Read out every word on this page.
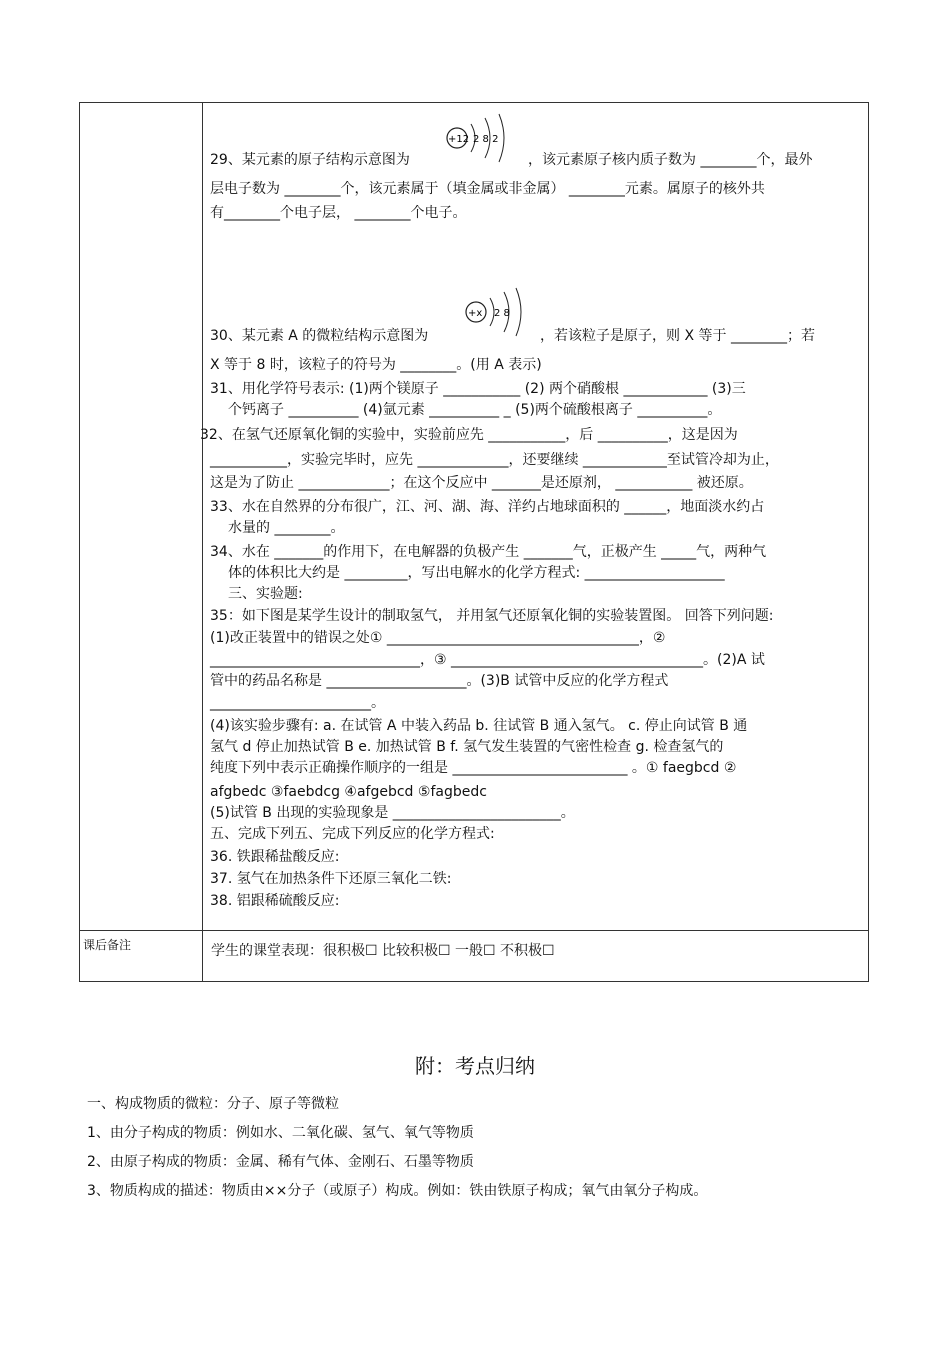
29、某元素的原子结构示意图为	，该元素原子核内质子数为 ________个，最外
层电子数为 ________个，该元素属于（填金属或非金属） ________元素。属原子的核外共
有________个电子层， ________个电子。
30、某元素 A 的微粒结构示意图为	，若该粒子是原子，则 X 等于 ________；若
X 等于 8 时，该粒子的符号为 ________。(用 A 表示)
31、用化学符号表示: (1)两个镁原子 ___________ (2) 两个硝酸根 ____________ (3)三
个钙离子 __________ (4)氩元素 __________ _ (5)两个硫酸根离子 __________。
32、在氢气还原氧化铜的实验中，实验前应先 ___________，后 __________，这是因为
___________，实验完毕时，应先 _____________，还要继续 ____________至试管冷却为止，
这是为了防止 _____________；在这个反应中 _______是还原剂， ___________ 被还原。
33、水在自然界的分布很广，江、河、湖、海、洋约占地球面积的 ______，地面淡水约占
水量的 ________。
34、水在 _______的作用下，在电解器的负极产生 _______气，正极产生 _____气，两种气
体的体积比大约是 _________，写出电解水的化学方程式: ____________________
三、实验题:
35：如下图是某学生设计的制取氢气， 并用氢气还原氧化铜的实验装置图。 回答下列问题:
(1)改正装置中的错误之处① ____________________________________，②
______________________________，③ ____________________________________。(2)A 试
管中的药品名称是 ____________________。(3)B 试管中反应的化学方程式
_______________________。
(4)该实验步骤有: a. 在试管 A 中装入药品 b. 往试管 B 通入氢气。 c. 停止向试管 B 通
氢气 d 停止加热试管 B e. 加热试管 B f. 氢气发生装置的气密性检查 g. 检查氢气的
纯度下列中表示正确操作顺序的一组是 _________________________ 。① faegbcd ②
afgbedc ③faebdcg ④afgebcd ⑤fagbedc
(5)试管 B 出现的实验现象是 ________________________。
五、完成下列五、完成下列反应的化学方程式:
36. 铁跟稀盐酸反应:
37. 氢气在加热条件下还原三氧化二铁:
38. 铝跟稀硫酸反应:
+12 2 8 2
+x 2 8
课后备注	学生的课堂表现：很积极☐ 比较积极☐ 一般☐ 不积极☐
附：考点归纳
一、构成物质的微粒：分子、原子等微粒
1、由分子构成的物质：例如水、二氧化碳、氢气、氧气等物质
2、由原子构成的物质：金属、稀有气体、金刚石、石墨等物质
3、物质构成的描述：物质由××分子（或原子）构成。例如：铁由铁原子构成；氧气由氧分子构成。
